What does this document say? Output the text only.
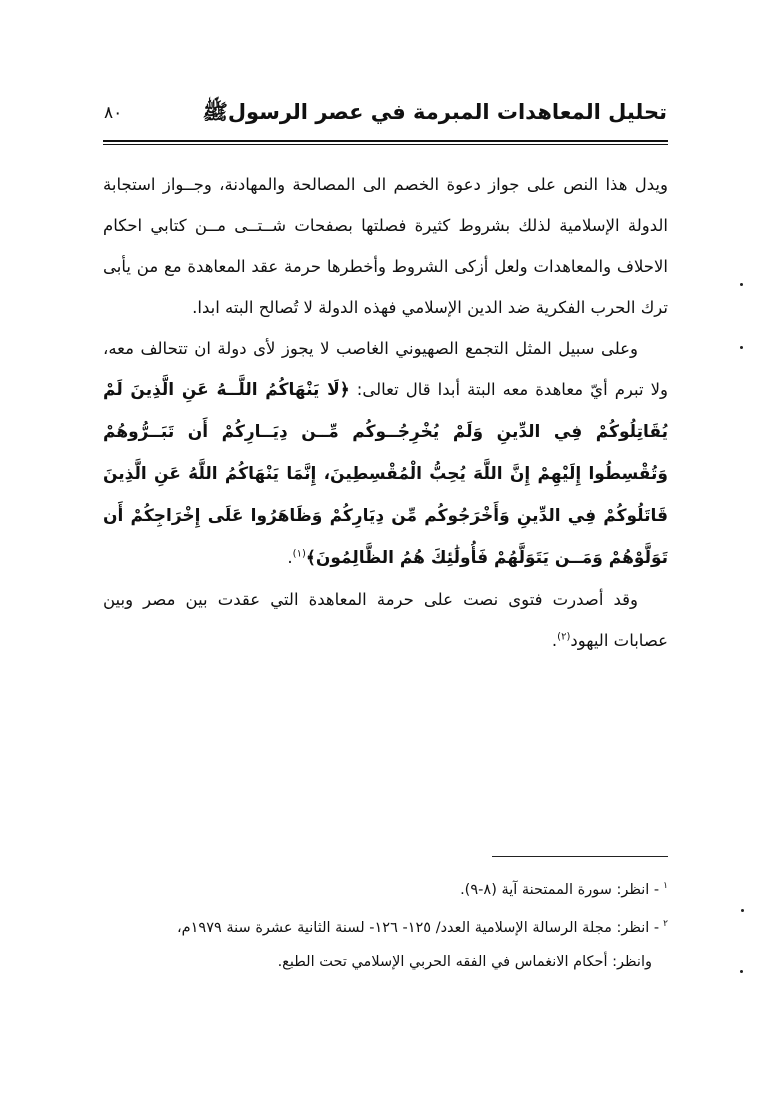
٨٠	تحليل المعاهدات المبرمة في عصر الرسولﷺ

ويدل هذا النص على جواز دعوة الخصم الى المصالحة والمهادنة، وجــواز استجابة الدولة الإسلامية لذلك بشروط كثيرة فصلتها بصفحات شــتــى مــن كتابي احكام الاحلاف والمعاهدات ولعل أزكى الشروط وأخطرها حرمة عقد المعاهدة مع من يأبى ترك الحرب الفكرية ضد الدين الإسلامي فهذه الدولة لا تُصالح البته ابدا.

وعلى سبيل المثل التجمع الصهيوني الغاصب لا يجوز لأى دولة ان تتحالف معه، ولا تبرم أيّ معاهدة معه البتة أبدا قال تعالى: ﴿لَا يَنْهَاكُمُ اللَّــهُ عَنِ الَّذِينَ لَمْ يُقَاتِلُوكُمْ فِي الدِّينِ وَلَمْ يُخْرِجُــوكُم مِّــن دِيَــارِكُمْ أَن تَبَــرُّوهُمْ وَتُقْسِطُوا إِلَيْهِمْ إِنَّ اللَّهَ يُحِبُّ الْمُقْسِطِينَ، إِنَّمَا يَنْهَاكُمُ اللَّهُ عَنِ الَّذِينَ قَاتَلُوكُمْ فِي الدِّينِ وَأَخْرَجُوكُم مِّن دِيَارِكُمْ وَظَاهَرُوا عَلَى إِخْرَاجِكُمْ أَن تَوَلَّوْهُمْ وَمَــن يَتَوَلَّهُمْ فَأُولَٰئِكَ هُمُ الظَّالِمُونَ﴾$^{(١)}$.

وقد أصدرت فتوى نصت على حرمة المعاهدة التي عقدت بين مصر وبين عصابات اليهود$^{(٢)}$.

$^١$- انظر: سورة الممتحنة آية (٨-٩).
$^٢$- انظر: مجلة الرسالة الإسلامية العدد/ ١٢٥- ١٢٦- لسنة الثانية عشرة سنة ١٩٧٩م،
وانظر: أحكام الانغماس في الفقه الحربي الإسلامي تحت الطبع.
